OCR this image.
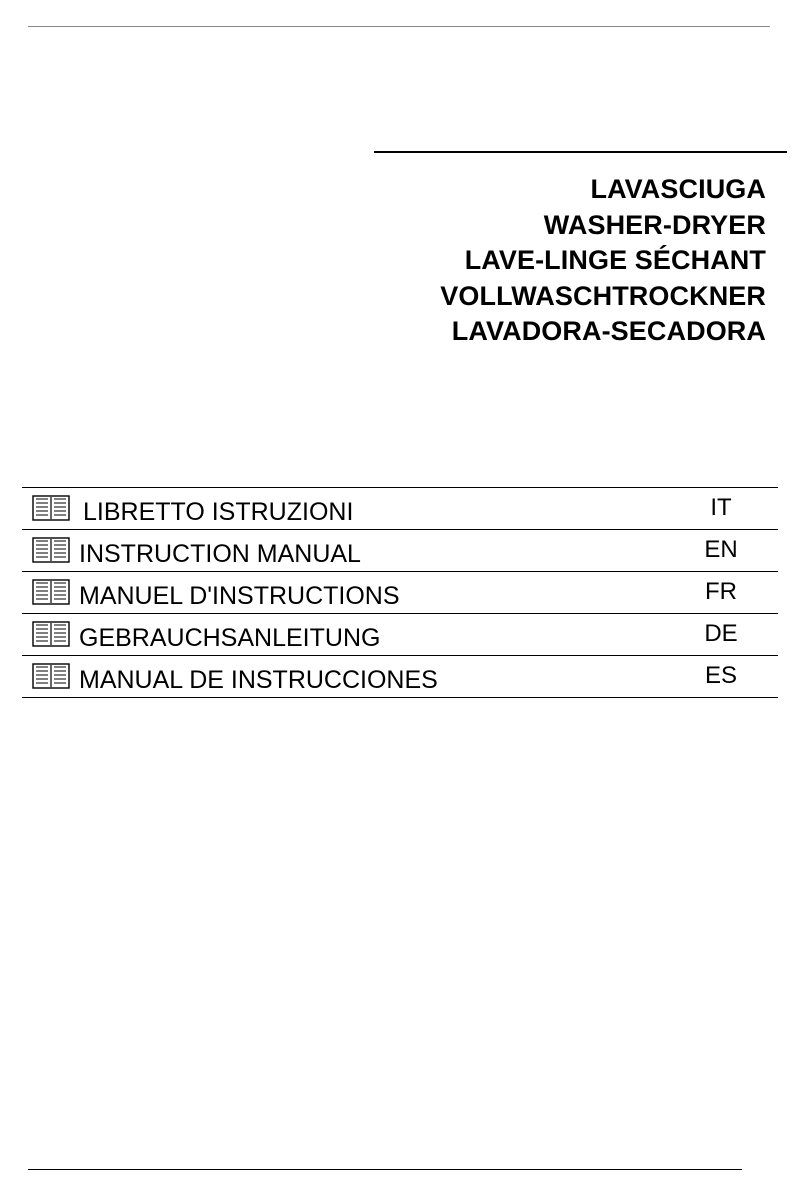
LAVASCIUGA
WASHER-DRYER
LAVE-LINGE SÉCHANT
VOLLWASCHTROCKNER
LAVADORA-SECADORA
LIBRETTO ISTRUZIONI	IT
INSTRUCTION MANUAL	EN
MANUEL D'INSTRUCTIONS	FR
GEBRAUCHSANLEITUNG	DE
MANUAL DE INSTRUCCIONES	ES
